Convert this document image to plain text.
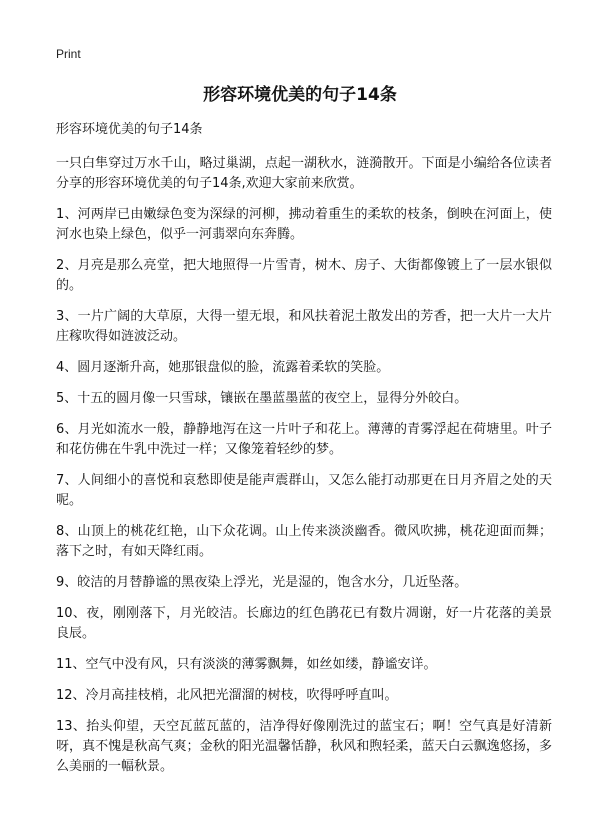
Print
形容环境优美的句子14条

形容环境优美的句子14条

一只白隼穿过万水千山，略过巢湖，点起一湖秋水，涟漪散开。下面是小编给各位读者分享的形容环境优美的句子14条,欢迎大家前来欣赏。

1、河两岸已由嫩绿色变为深绿的河柳，拂动着重生的柔软的枝条，倒映在河面上，使河水也染上绿色，似乎一河翡翠向东奔腾。

2、月亮是那么亮堂，把大地照得一片雪青，树木、房子、大街都像镀上了一层水银似的。

3、一片广阔的大草原，大得一望无垠，和风扶着泥土散发出的芳香，把一大片一大片庄稼吹得如涟波泛动。

4、圆月逐渐升高，她那银盘似的脸，流露着柔软的笑脸。

5、十五的圆月像一只雪球，镶嵌在墨蓝墨蓝的夜空上，显得分外皎白。

6、月光如流水一般，静静地泻在这一片叶子和花上。薄薄的青雾浮起在荷塘里。叶子和花仿佛在牛乳中洗过一样；又像笼着轻纱的梦。

7、人间细小的喜悦和哀愁即使是能声震群山，又怎么能打动那更在日月齐眉之处的天呢。

8、山顶上的桃花红艳，山下众花调。山上传来淡淡幽香。微风吹拂，桃花迎面而舞；落下之时，有如天降红雨。

9、皎洁的月替静谧的黑夜染上浮光，光是湿的，饱含水分，几近坠落。

10、夜，刚刚落下，月光皎洁。长廊边的红色鹃花已有数片凋谢，好一片花落的美景良辰。

11、空气中没有风，只有淡淡的薄雾飘舞，如丝如缕，静谧安详。

12、冷月高挂枝梢，北风把光溜溜的树枝，吹得呼呼直叫。

13、抬头仰望，天空瓦蓝瓦蓝的，洁净得好像刚洗过的蓝宝石；啊！空气真是好清新呀，真不愧是秋高气爽；金秋的阳光温馨恬静，秋风和煦轻柔，蓝天白云飘逸悠扬，多么美丽的一幅秋景。
